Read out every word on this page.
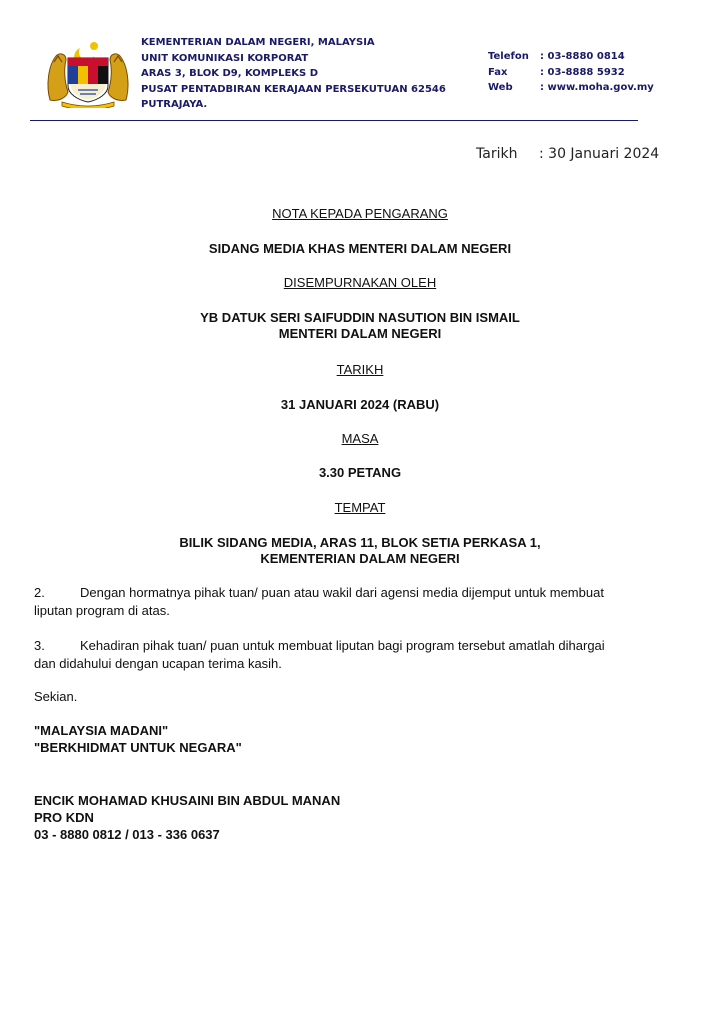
KEMENTERIAN DALAM NEGERI, MALAYSIA
UNIT KOMUNIKASI KORPORAT
ARAS 3, BLOK D9, KOMPLEKS D
PUSAT PENTADBIRAN KERAJAAN PERSEKUTUAN 62546
PUTRAJAYA.
Telefon	: 03-8880 0814
Fax	: 03-8888 5932
Web	: www.moha.gov.my
Tarikh : 30 Januari 2024
NOTA KEPADA PENGARANG
SIDANG MEDIA KHAS MENTERI DALAM NEGERI
DISEMPURNAKAN OLEH
YB DATUK SERI SAIFUDDIN NASUTION BIN ISMAIL
MENTERI DALAM NEGERI
TARIKH
31 JANUARI 2024 (RABU)
MASA
3.30 PETANG
TEMPAT
BILIK SIDANG MEDIA, ARAS 11, BLOK SETIA PERKASA 1,
KEMENTERIAN DALAM NEGERI
2.	Dengan hormatnya pihak tuan/ puan atau wakil dari agensi media dijemput untuk membuat
liputan program di atas.
3.	Kehadiran pihak tuan/ puan untuk membuat liputan bagi program tersebut amatlah dihargai
dan didahului dengan ucapan terima kasih.
Sekian.
"MALAYSIA MADANI"
"BERKHIDMAT UNTUK NEGARA"
ENCIK MOHAMAD KHUSAINI BIN ABDUL MANAN
PRO KDN
03 - 8880 0812 / 013 - 336 0637
